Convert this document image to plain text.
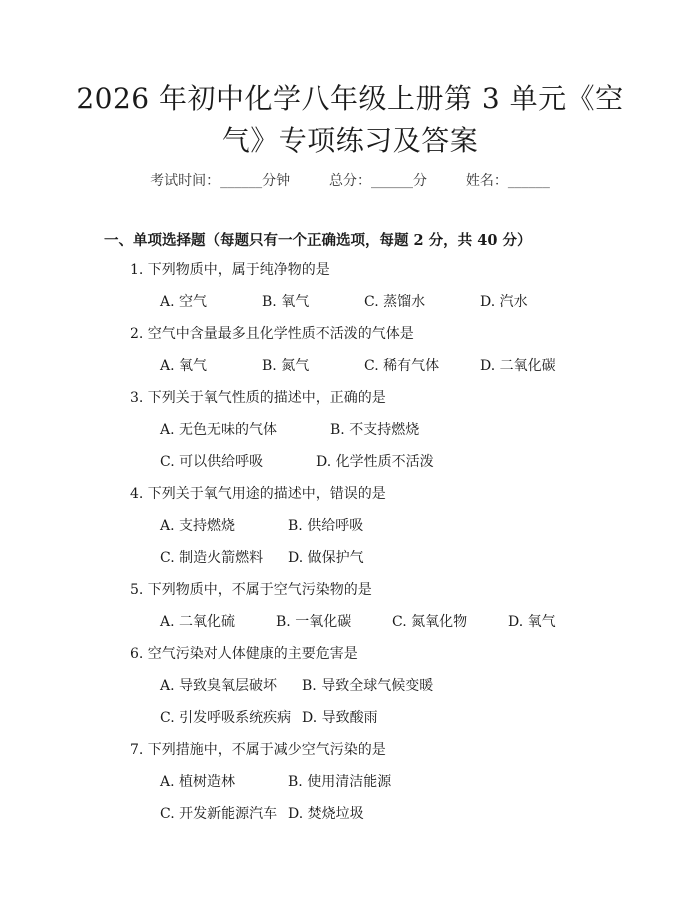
2026 年初中化学八年级上册第 3 单元《空
气》专项练习及答案
考试时间：______分钟	总分：______分	姓名：______
一、单项选择题（每题只有一个正确选项，每题 2 分，共 40 分）
1. 下列物质中，属于纯净物的是
A. 空气	B. 氧气	C. 蒸馏水	D. 汽水
2. 空气中含量最多且化学性质不活泼的气体是
A. 氧气	B. 氮气	C. 稀有气体	D. 二氧化碳
3. 下列关于氧气性质的描述中，正确的是
A. 无色无味的气体	B. 不支持燃烧
C. 可以供给呼吸	D. 化学性质不活泼
4. 下列关于氧气用途的描述中，错误的是
A. 支持燃烧	B. 供给呼吸
C. 制造火箭燃料 D. 做保护气
5. 下列物质中，不属于空气污染物的是
A. 二氧化硫	B. 一氧化碳	C. 氮氧化物	D. 氧气
6. 空气污染对人体健康的主要危害是
A. 导致臭氧层破坏 B. 导致全球气候变暖
C. 引发呼吸系统疾病 D. 导致酸雨
7. 下列措施中，不属于减少空气污染的是
A. 植树造林	B. 使用清洁能源
C. 开发新能源汽车 D. 焚烧垃圾
